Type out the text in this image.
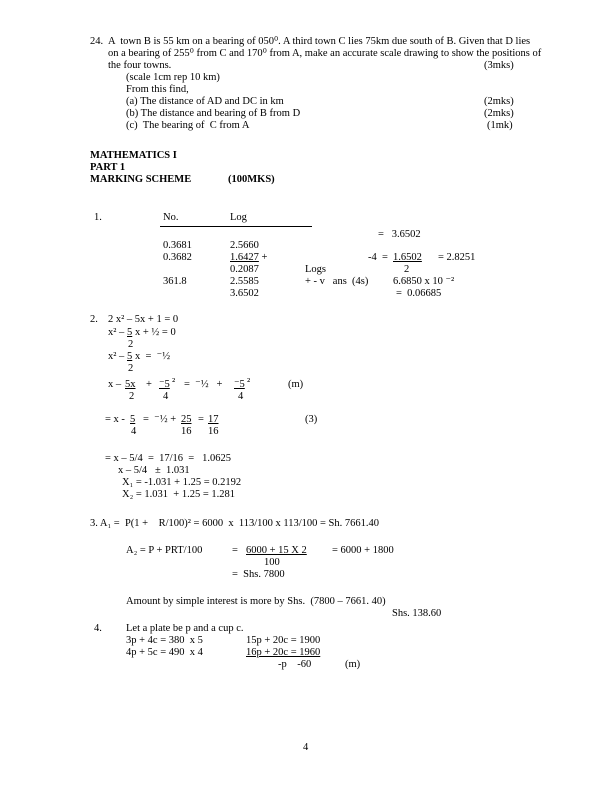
24. A  town B is 55 km on a bearing of 050⁰. A third town C lies 75km due south of B. Given that D lies
on a bearing of 255⁰ from C and 170⁰ from A, make an accurate scale drawing to show the positions of
the four towns.	(3mks)
(scale 1cm rep 10 km)
From this find,
(a) The distance of AD and DC in km	(2mks)
(b) The distance and bearing of B from D	(2mks)
(c)  The bearing of  C from A	(1mk)
MATHEMATICS I
PART 1
MARKING SCHEME	(100MKS)
1.	No.	Log
=   3.6502
0.3681	2.5660
0.3682	1.6427 +	-4  = 1.6502 = 2.8251
0.2087	Logs	2
361.8	2.5585	+ - v   ans  (4s) 6.6850 x 10 ⁻²
3.6502	=  0.06685
2. 2 x² – 5x + 1 = 0
x² – 5 x + ½ = 0
2
x² – 5 x  =  ⁻½
2
x – 5x + ⁻5 ² =  ⁻½   + ⁻5 ²	(m)
2	4	4
= x - 5 =  ⁻½ + 25 = 17	(3)
4	16 16
= x – 5/4  =  17/16  =   1.0625
x – 5/4   ±  1.031
X₁ = -1.031 + 1.25 = 0.2192
X₂ = 1.031  + 1.25 = 1.281
3. A₁ =  P(1 +    R/100)² = 6000  x  113/100 x 113/100 = Sh. 7661.40
A₂ = P + PRT/100	= 6000 + 15 X 2 = 6000 + 1800
100
=  Shs. 7800
Amount by simple interest is more by Shs.  (7800 – 7661. 40)
Shs. 138.60
4. Let a plate be p and a cup c.
3p + 4c = 380  x 5	15p + 20c = 1900
4p + 5c = 490  x 4	16p + 20c = 1960
-p    -60	(m)
4
